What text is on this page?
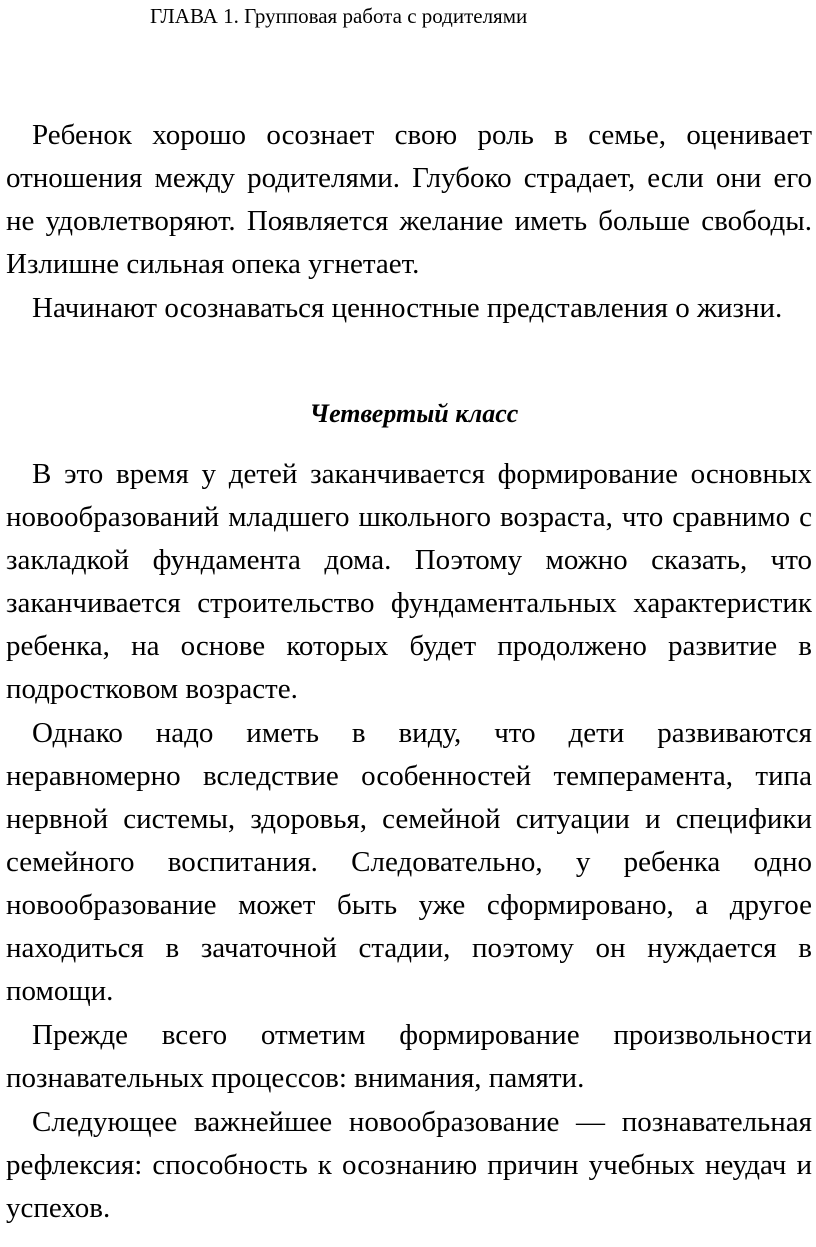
ГЛАВА 1. Групповая работа с родителями

Ребенок хорошо осознает свою роль в семье, оценивает отношения между родителями. Глубоко страдает, если они его не удовлетворяют. Появляется желание иметь больше свободы. Излишне сильная опека угнетает.

Начинают осознаваться ценностные представления о жизни.

Четвертый класс

В это время у детей заканчивается формирование основных новообразований младшего школьного возраста, что сравнимо с закладкой фундамента дома. Поэтому можно сказать, что заканчивается строительство фундаментальных характеристик ребенка, на основе которых будет продолжено развитие в подростковом возрасте.

Однако надо иметь в виду, что дети развиваются неравномерно вследствие особенностей темперамента, типа нервной системы, здоровья, семейной ситуации и специфики семейного воспитания. Следовательно, у ребенка одно новообразование может быть уже сформировано, а другое находиться в зачаточной стадии, поэтому он нуждается в помощи.

Прежде всего отметим формирование произвольности познавательных процессов: внимания, памяти.

Следующее важнейшее новообразование — познавательная рефлексия: способность к осознанию причин учебных неудач и успехов.
